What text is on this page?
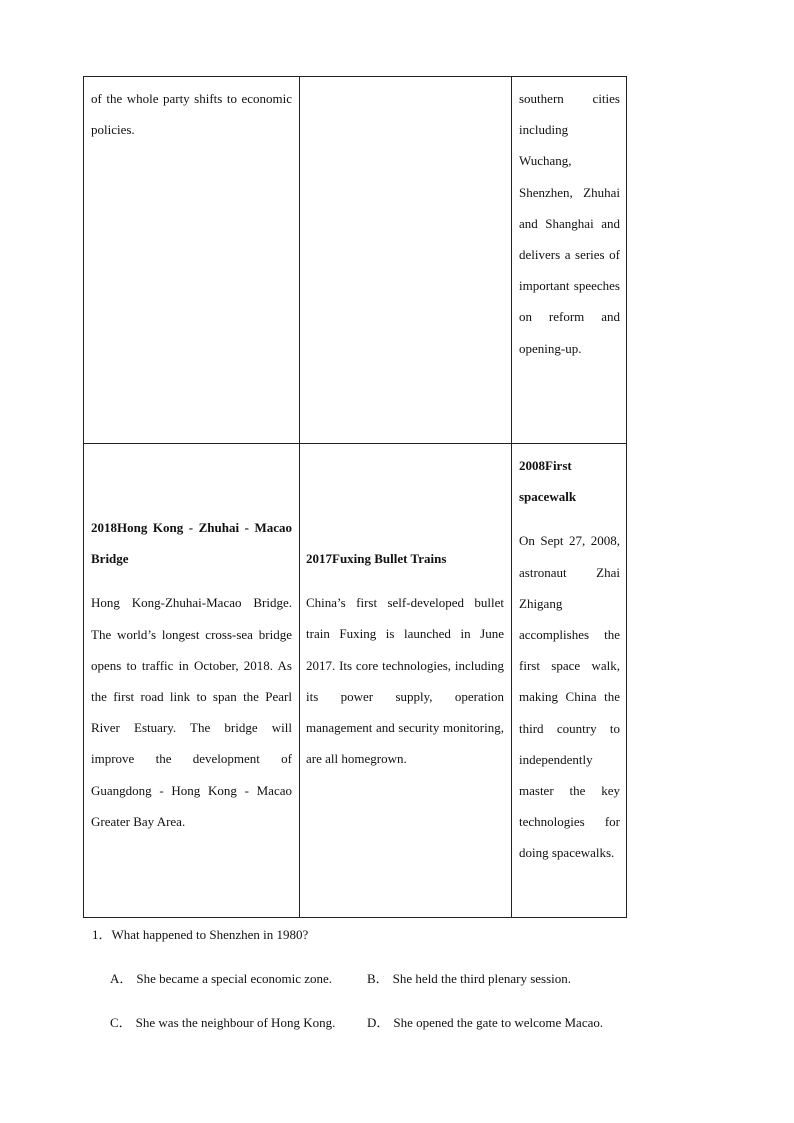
of the whole party shifts to economic policies.

southern cities including Wuchang, Shenzhen, Zhuhai and Shanghai and delivers a series of important speeches on reform and opening-up.

2018Hong Kong - Zhuhai - Macao Bridge

Hong Kong-Zhuhai-Macao Bridge. The world’s longest cross-sea bridge opens to traffic in October, 2018. As the first road link to span the Pearl River Estuary. The bridge will improve the development of Guangdong - Hong Kong - Macao Greater Bay Area.

2017Fuxing Bullet Trains

China’s first self-developed bullet train Fuxing is launched in June 2017. Its core technologies, including its power supply, operation management and security monitoring, are all homegrown.

2008First spacewalk

On Sept 27, 2008, astronaut Zhai Zhigang accomplishes the first space walk, making China the third country to independently master the key technologies for doing spacewalks.

1．What happened to Shenzhen in 1980?
A． She became a special economic zone.	B． She held the third plenary session.
C． She was the neighbour of Hong Kong. D． She opened the gate to welcome Macao.
